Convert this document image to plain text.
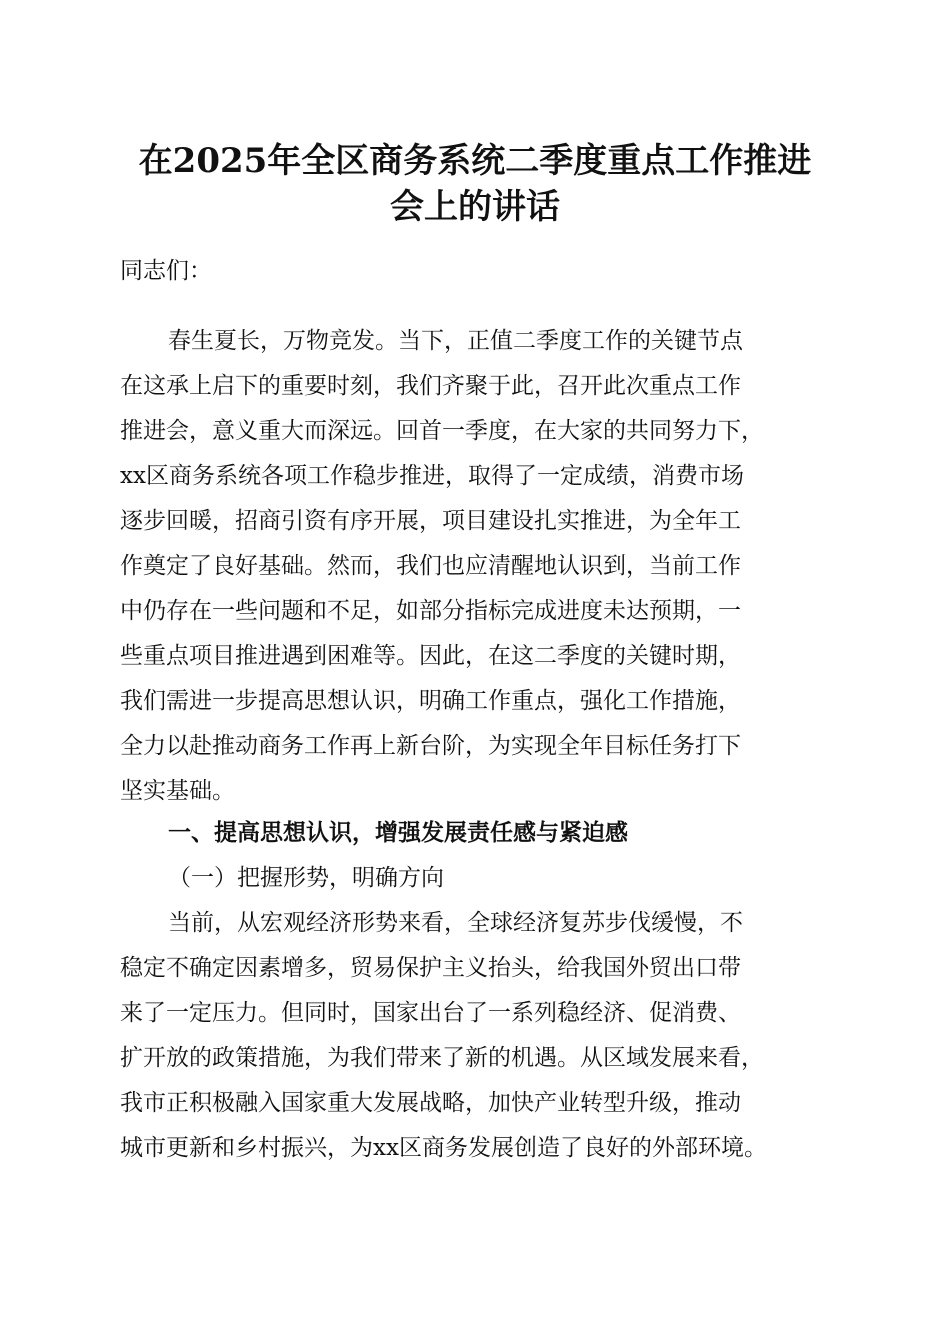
在2025年全区商务系统二季度重点工作推进
会上的讲话
同志们：
春生夏长，万物竞发。当下，正值二季度工作的关键节点
在这承上启下的重要时刻，我们齐聚于此，召开此次重点工作
推进会，意义重大而深远。回首一季度，在大家的共同努力下，
xx区商务系统各项工作稳步推进，取得了一定成绩，消费市场
逐步回暖，招商引资有序开展，项目建设扎实推进，为全年工
作奠定了良好基础。然而，我们也应清醒地认识到，当前工作
中仍存在一些问题和不足，如部分指标完成进度未达预期，一
些重点项目推进遇到困难等。因此，在这二季度的关键时期，
我们需进一步提高思想认识，明确工作重点，强化工作措施，
全力以赴推动商务工作再上新台阶，为实现全年目标任务打下
坚实基础。
一、提高思想认识，增强发展责任感与紧迫感
（一）把握形势，明确方向
当前，从宏观经济形势来看，全球经济复苏步伐缓慢，不
稳定不确定因素增多，贸易保护主义抬头，给我国外贸出口带
来了一定压力。但同时，国家出台了一系列稳经济、促消费、
扩开放的政策措施，为我们带来了新的机遇。从区域发展来看，
我市正积极融入国家重大发展战略，加快产业转型升级，推动
城市更新和乡村振兴，为xx区商务发展创造了良好的外部环境。
